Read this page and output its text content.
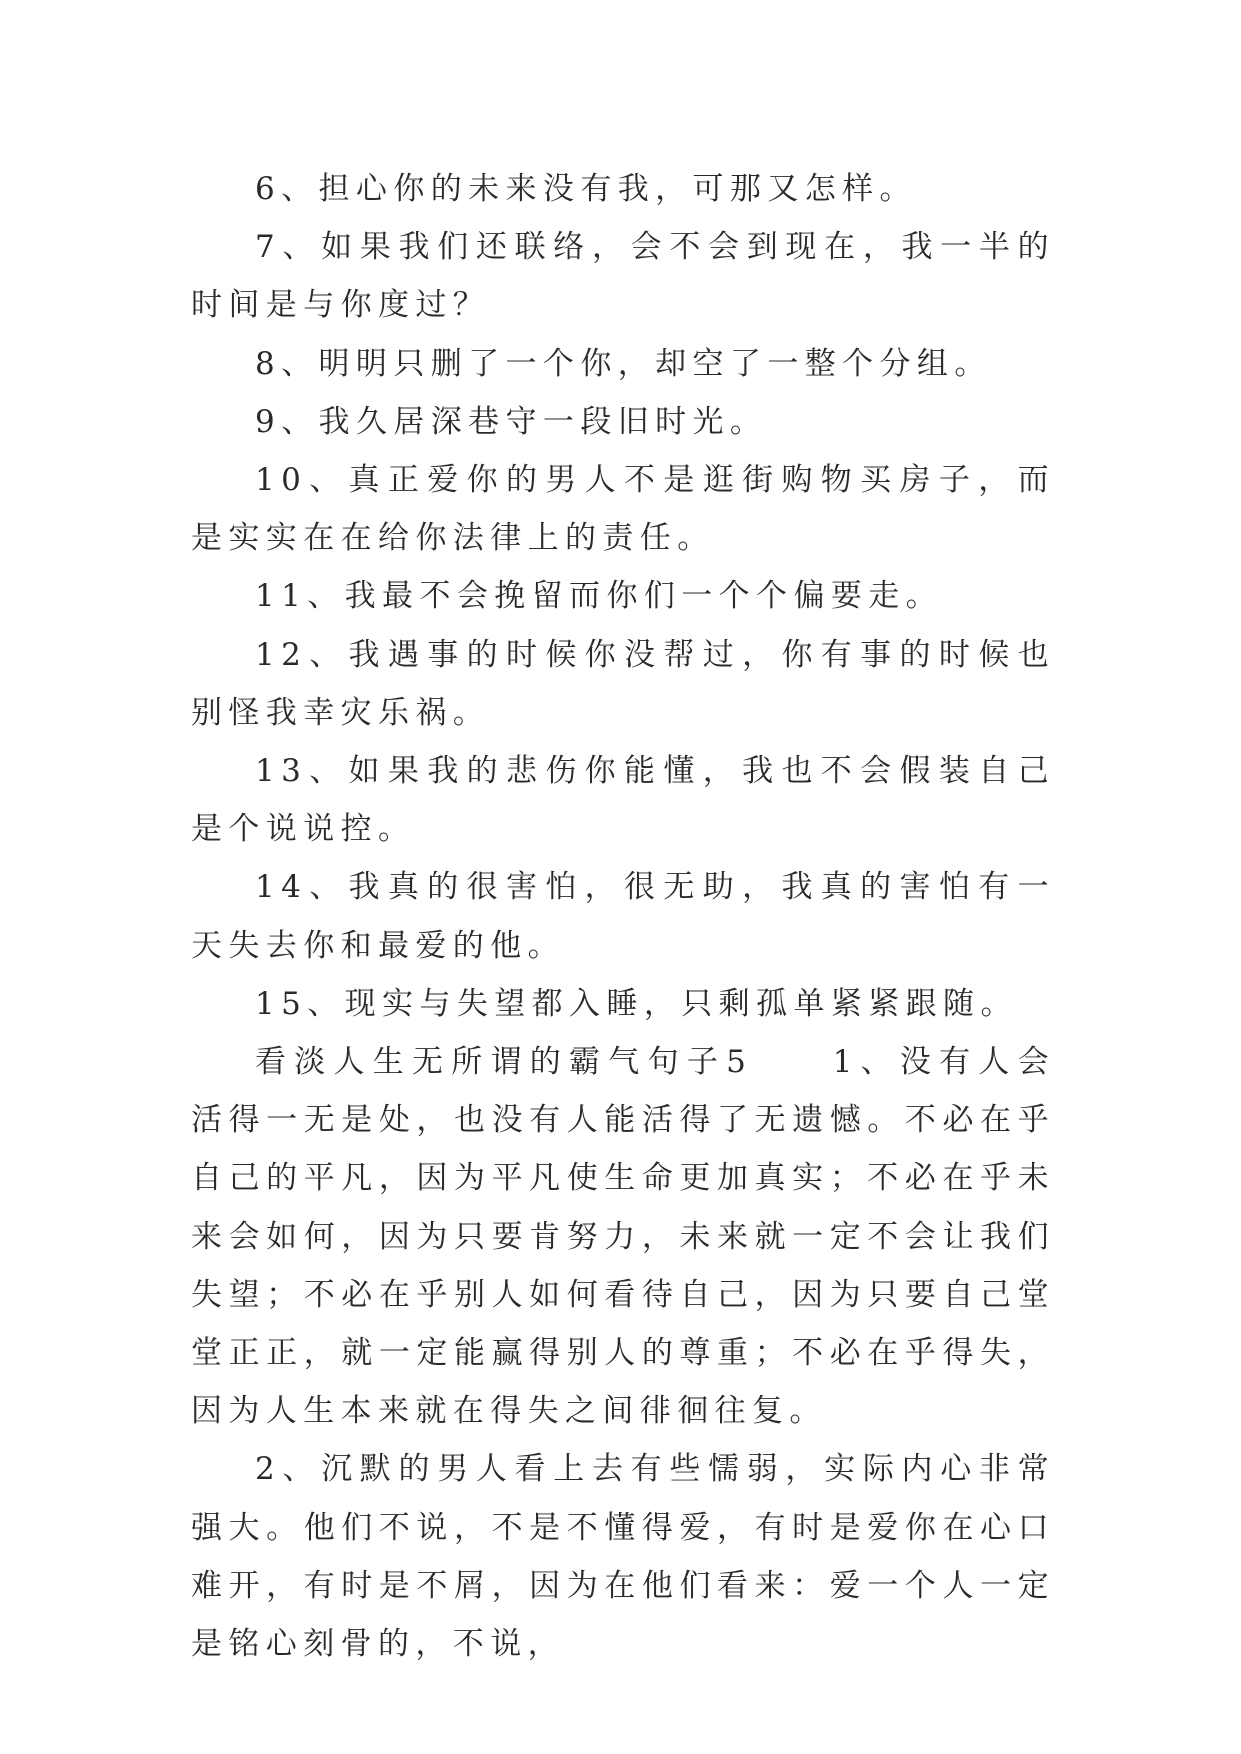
6、担心你的未来没有我，可那又怎样。

7、如果我们还联络，会不会到现在，我一半的时间是与你度过？

8、明明只删了一个你，却空了一整个分组。

9、我久居深巷守一段旧时光。

10、真正爱你的男人不是逛街购物买房子，而是实实在在给你法律上的责任。

11、我最不会挽留而你们一个个偏要走。

12、我遇事的时候你没帮过，你有事的时候也别怪我幸灾乐祸。

13、如果我的悲伤你能懂，我也不会假装自己是个说说控。

14、我真的很害怕，很无助，我真的害怕有一天失去你和最爱的他。

15、现实与失望都入睡，只剩孤单紧紧跟随。

看淡人生无所谓的霸气句子5　　1、没有人会活得一无是处，也没有人能活得了无遗憾。不必在乎自己的平凡，因为平凡使生命更加真实；不必在乎未来会如何，因为只要肯努力，未来就一定不会让我们失望；不必在乎别人如何看待自己，因为只要自己堂堂正正，就一定能赢得别人的尊重；不必在乎得失，因为人生本来就在得失之间徘徊往复。

2、沉默的男人看上去有些懦弱，实际内心非常强大。他们不说，不是不懂得爱，有时是爱你在心口难开，有时是不屑，因为在他们看来：爱一个人一定是铭心刻骨的，不说，
